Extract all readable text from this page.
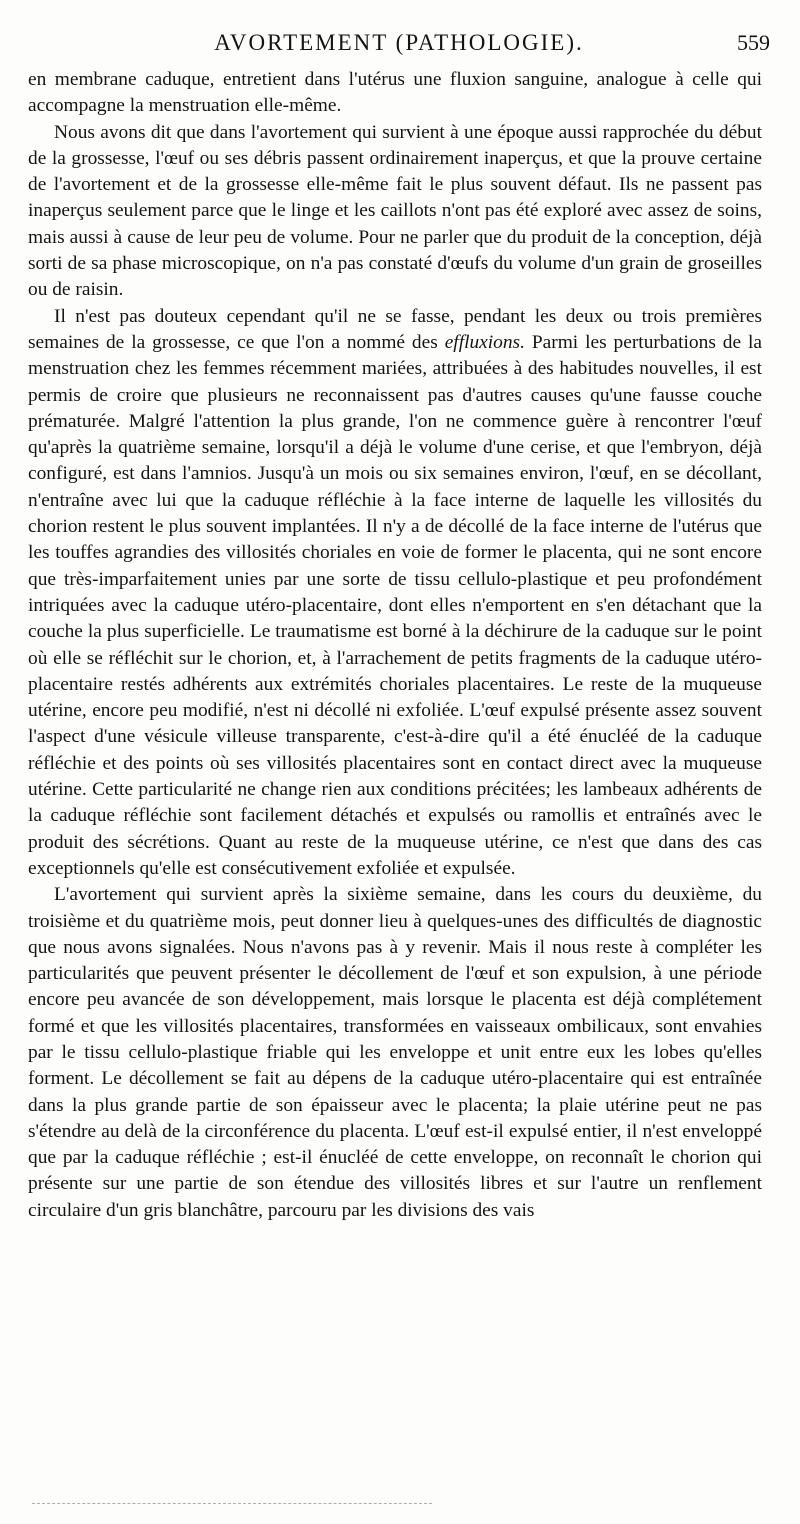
AVORTEMENT (PATHOLOGIE).	559

en membrane caduque, entretient dans l'utérus une fluxion sanguine, analogue à celle qui accompagne la menstruation elle-même.

Nous avons dit que dans l'avortement qui survient à une époque aussi rapprochée du début de la grossesse, l'œuf ou ses débris passent ordinairement inaperçus, et que la prouve certaine de l'avortement et de la grossesse elle-même fait le plus souvent défaut. Ils ne passent pas inaperçus seulement parce que le linge et les caillots n'ont pas été exploré avec assez de soins, mais aussi à cause de leur peu de volume. Pour ne parler que du produit de la conception, déjà sorti de sa phase microscopique, on n'a pas constaté d'œufs du volume d'un grain de groseilles ou de raisin.

Il n'est pas douteux cependant qu'il ne se fasse, pendant les deux ou trois premières semaines de la grossesse, ce que l'on a nommé des effluxions. Parmi les perturbations de la menstruation chez les femmes récemment mariées, attribuées à des habitudes nouvelles, il est permis de croire que plusieurs ne reconnaissent pas d'autres causes qu'une fausse couche prématurée. Malgré l'attention la plus grande, l'on ne commence guère à rencontrer l'œuf qu'après la quatrième semaine, lorsqu'il a déjà le volume d'une cerise, et que l'embryon, déjà configuré, est dans l'amnios. Jusqu'à un mois ou six semaines environ, l'œuf, en se décollant, n'entraîne avec lui que la caduque réfléchie à la face interne de laquelle les villosités du chorion restent le plus souvent implantées. Il n'y a de décollé de la face interne de l'utérus que les touffes agrandies des villosités choriales en voie de former le placenta, qui ne sont encore que très-imparfaitement unies par une sorte de tissu cellulo-plastique et peu profondément intriquées avec la caduque utéro-placentaire, dont elles n'emportent en s'en détachant que la couche la plus superficielle. Le traumatisme est borné à la déchirure de la caduque sur le point où elle se réfléchit sur le chorion, et, à l'arrachement de petits fragments de la caduque utéro-placentaire restés adhérents aux extrémités choriales placentaires. Le reste de la muqueuse utérine, encore peu modifié, n'est ni décollé ni exfoliée. L'œuf expulsé présente assez souvent l'aspect d'une vésicule villeuse transparente, c'est-à-dire qu'il a été énucléé de la caduque réfléchie et des points où ses villosités placentaires sont en contact direct avec la muqueuse utérine. Cette particularité ne change rien aux conditions précitées; les lambeaux adhérents de la caduque réfléchie sont facilement détachés et expulsés ou ramollis et entraînés avec le produit des sécrétions. Quant au reste de la muqueuse utérine, ce n'est que dans des cas exceptionnels qu'elle est consécutivement exfoliée et expulsée.

L'avortement qui survient après la sixième semaine, dans les cours du deuxième, du troisième et du quatrième mois, peut donner lieu à quelques-unes des difficultés de diagnostic que nous avons signalées. Nous n'avons pas à y revenir. Mais il nous reste à compléter les particularités que peuvent présenter le décollement de l'œuf et son expulsion, à une période encore peu avancée de son développement, mais lorsque le placenta est déjà complétement formé et que les villosités placentaires, transformées en vaisseaux ombilicaux, sont envahies par le tissu cellulo-plastique friable qui les enveloppe et unit entre eux les lobes qu'elles forment. Le décollement se fait au dépens de la caduque utéro-placentaire qui est entraînée dans la plus grande partie de son épaisseur avec le placenta; la plaie utérine peut ne pas s'étendre au delà de la circonférence du placenta. L'œuf est-il expulsé entier, il n'est enveloppé que par la caduque réfléchie ; est-il énucléé de cette enveloppe, on reconnaît le chorion qui présente sur une partie de son étendue des villosités libres et sur l'autre un renflement circulaire d'un gris blanchâtre, parcouru par les divisions des vais
